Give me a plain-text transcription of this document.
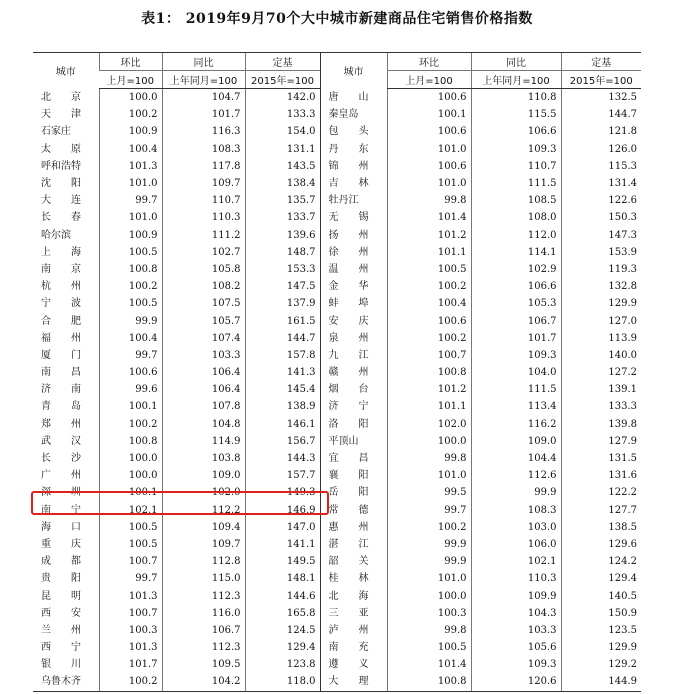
表1： 2019年9月70个大中城市新建商品住宅销售价格指数
城市	环比	同比	定基	城市	环比	同比	定基
	上月=100	上年同月=100	2015年=100		上月=100	上年同月=100	2015年=100
北　　京	100.0	104.7	142.0	唐　　山	100.6	110.8	132.5
天　　津	100.2	101.7	133.3	秦皇岛	100.1	115.5	144.7
石家庄	100.9	116.3	154.0	包　　头	100.6	106.6	121.8
太　　原	100.4	108.3	131.1	丹　　东	101.0	109.3	126.0
呼和浩特	101.3	117.8	143.5	锦　　州	100.6	110.7	115.3
沈　　阳	101.0	109.7	138.4	吉　　林	101.0	111.5	131.4
大　　连	99.7	110.7	135.7	牡丹江	99.8	108.5	122.6
长　　春	101.0	110.3	133.7	无　　锡	101.4	108.0	150.3
哈尔滨	100.9	111.2	139.6	扬　　州	101.2	112.0	147.3
上　　海	100.5	102.7	148.7	徐　　州	101.1	114.1	153.9
南　　京	100.8	105.8	153.3	温　　州	100.5	102.9	119.3
杭　　州	100.2	108.2	147.5	金　　华	100.2	106.6	132.8
宁　　波	100.5	107.5	137.9	蚌　　埠	100.4	105.3	129.9
合　　肥	99.9	105.7	161.5	安　　庆	100.6	106.7	127.0
福　　州	100.4	107.4	144.7	泉　　州	100.2	101.7	113.9
厦　　门	99.7	103.3	157.8	九　　江	100.7	109.3	140.0
南　　昌	100.6	106.4	141.3	赣　　州	100.8	104.0	127.2
济　　南	99.6	106.4	145.4	烟　　台	101.2	111.5	139.1
青　　岛	100.1	107.8	138.9	济　　宁	101.1	113.4	133.3
郑　　州	100.2	104.8	146.1	洛　　阳	102.0	116.2	139.8
武　　汉	100.8	114.9	156.7	平顶山	100.0	109.0	127.9
长　　沙	100.0	103.8	144.3	宜　　昌	99.8	104.4	131.5
广　　州	100.0	109.0	157.7	襄　　阳	101.0	112.6	131.6
深　　圳	100.1	102.0	149.3	岳　　阳	99.5	99.9	122.2
南　　宁	102.1	112.2	146.9	常　　德	99.7	108.3	127.7
海　　口	100.5	109.4	147.0	惠　　州	100.2	103.0	138.5
重　　庆	100.5	109.7	141.1	湛　　江	99.9	106.0	129.6
成　　都	100.7	112.8	149.5	韶　　关	99.9	102.1	124.2
贵　　阳	99.7	115.0	148.1	桂　　林	101.0	110.3	129.4
昆　　明	101.3	112.3	144.6	北　　海	100.0	109.9	140.5
西　　安	100.7	116.0	165.8	三　　亚	100.3	104.3	150.9
兰　　州	100.3	106.7	124.5	泸　　州	99.8	103.3	123.5
西　　宁	101.3	112.3	129.4	南　　充	100.5	105.6	129.9
银　　川	101.7	109.5	123.8	遵　　义	101.4	109.3	129.2
乌鲁木齐	100.2	104.2	118.0	大　　理	100.8	120.6	144.9
